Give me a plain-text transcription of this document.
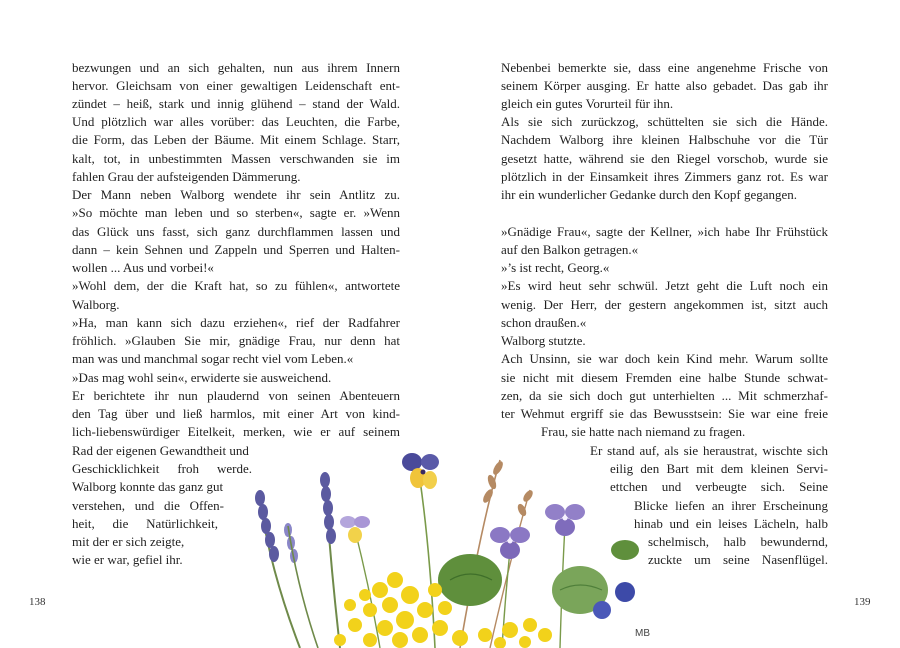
bezwungen und an sich gehalten, nun aus ihrem Innern
hervor. Gleichsam von einer gewaltigen Leidenschaft ent-
zündet – heiß, stark und innig glühend – stand der Wald.
Und plötzlich war alles vorüber: das Leuchten, die Farbe,
die Form, das Leben der Bäume. Mit einem Schlage. Starr,
kalt, tot, in unbestimmten Massen verschwanden sie im
fahlen Grau der aufsteigenden Dämmerung.
Der Mann neben Walborg wendete ihr sein Antlitz zu.
»So möchte man leben und so sterben«, sagte er. »Wenn
das Glück uns fasst, sich ganz durchflammen lassen und
dann – kein Sehnen und Zappeln und Sperren und Halten-
wollen ... Aus und vorbei!«
»Wohl dem, der die Kraft hat, so zu fühlen«, antwortete
Walborg.
»Ha, man kann sich dazu erziehen«, rief der Radfahrer
fröhlich. »Glauben Sie mir, gnädige Frau, nur denn hat
man was und manchmal sogar recht viel vom Leben.«
»Das mag wohl sein«, erwiderte sie ausweichend.
Er berichtete ihr nun plaudernd von seinen Abenteuern
den Tag über und ließ harmlos, mit einer Art von kind-
lich-liebenswürdiger Eitelkeit, merken, wie er auf seinem
Rad der eigenen Gewandtheit und
Geschicklichkeit froh werde.
Walborg konnte das ganz gut
verstehen, und die Offen-
heit, die Natürlichkeit,
mit der er sich zeigte,
wie er war, gefiel ihr.
138
Nebenbei bemerkte sie, dass eine angenehme Frische von
seinem Körper ausging. Er hatte also gebadet. Das gab ihr
gleich ein gutes Vorurteil für ihn.
Als sie sich zurückzog, schüttelten sie sich die Hände.
Nachdem Walborg ihre kleinen Halbschuhe vor die Tür
gesetzt hatte, während sie den Riegel vorschob, wurde sie
plötzlich in der Einsamkeit ihres Zimmers ganz rot. Es war
ihr ein wunderlicher Gedanke durch den Kopf gegangen.
»Gnädige Frau«, sagte der Kellner, »ich habe Ihr Frühstück
auf den Balkon getragen.«
»’s ist recht, Georg.«
»Es wird heut sehr schwül. Jetzt geht die Luft noch ein
wenig. Der Herr, der gestern angekommen ist, sitzt auch
schon draußen.«
Walborg stutzte.
Ach Unsinn, sie war doch kein Kind mehr. Warum sollte
sie nicht mit diesem Fremden eine halbe Stunde schwat-
zen, da sie sich doch gut unterhielten ... Mit schmerzhaf-
ter Wehmut ergriff sie das Bewusstsein: Sie war eine freie
Frau, sie hatte nach niemand zu fragen.
Er stand auf, als sie heraustrat, wischte sich
eilig den Bart mit dem kleinen Servi-
ettchen und verbeugte sich. Seine
Blicke liefen an ihrer Erscheinung
hinab und ein leises Lächeln, halb
schelmisch, halb bewundernd,
zuckte um seine Nasenflügel.
139
MB
